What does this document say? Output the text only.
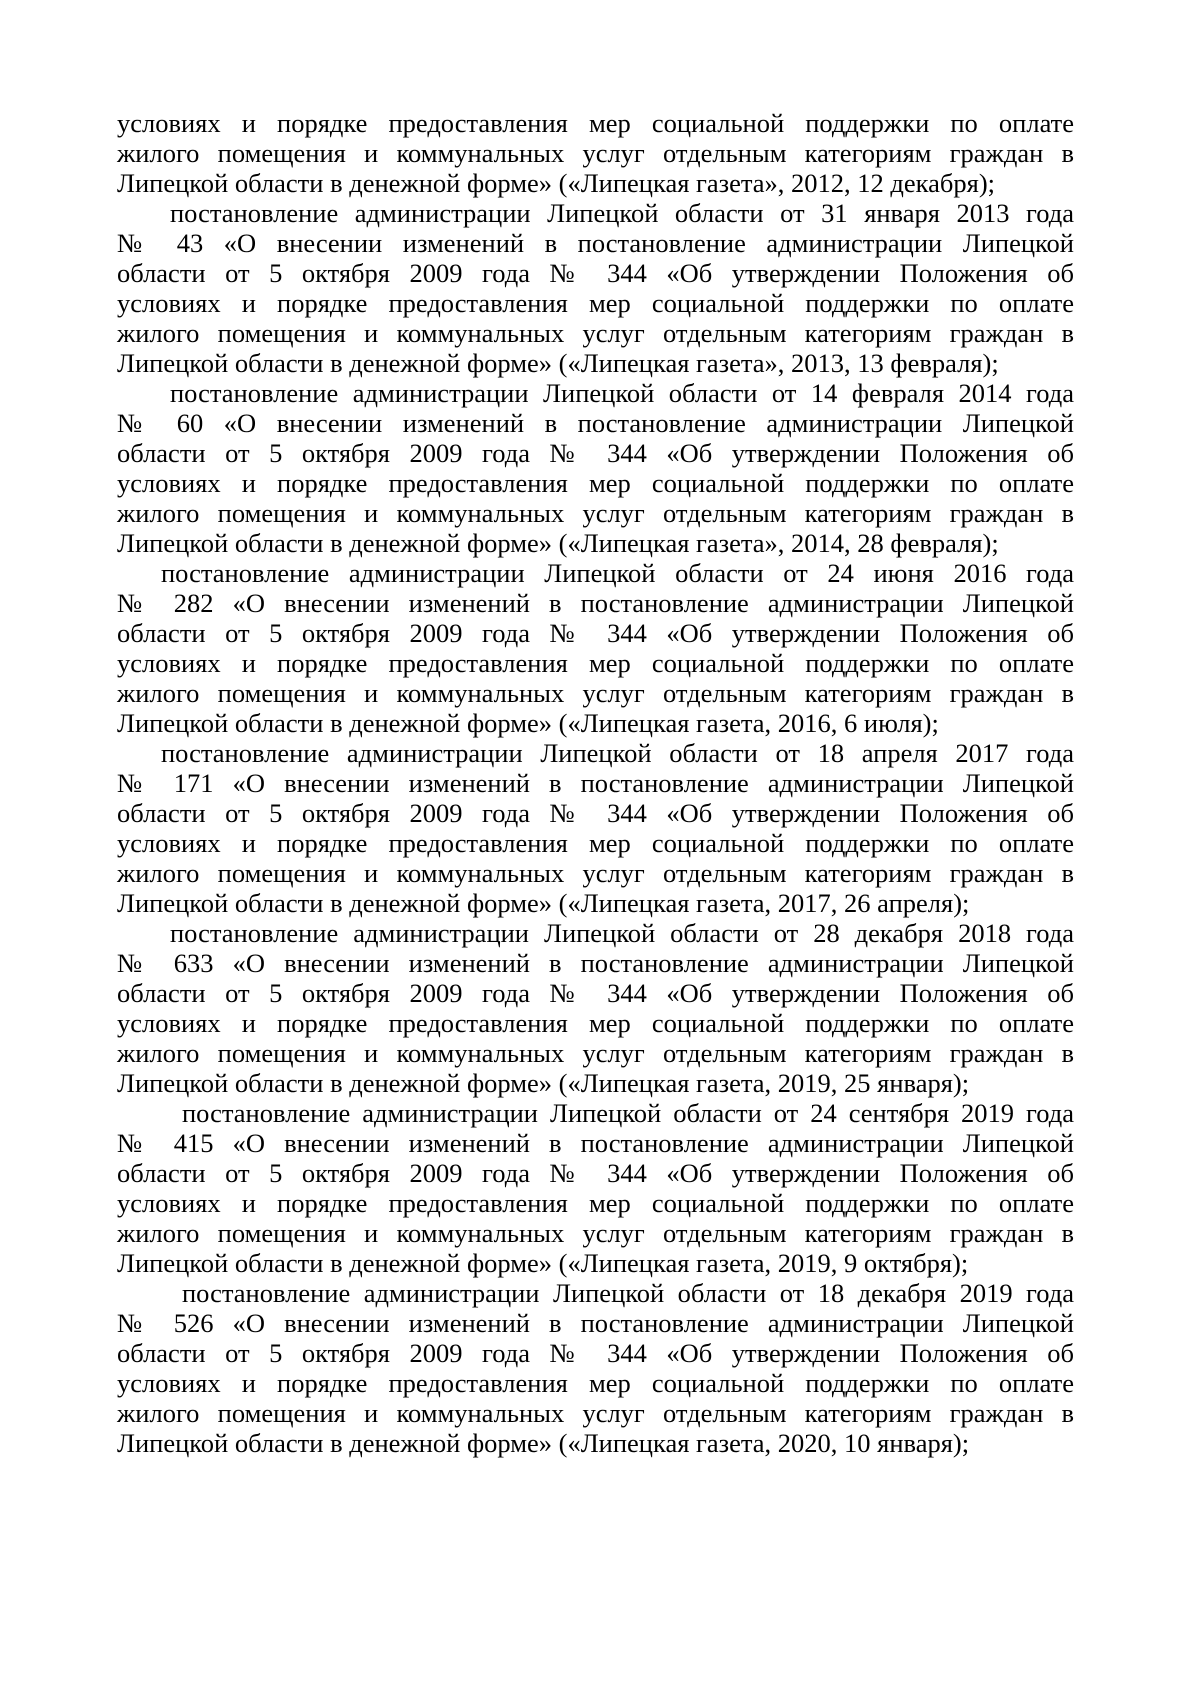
условиях и порядке предоставления мер социальной поддержки по оплате
жилого помещения и коммунальных услуг отдельным категориям граждан в
Липецкой области в денежной форме» («Липецкая газета», 2012, 12 декабря);
постановление администрации Липецкой области от 31 января 2013 года
№ 43 «О внесении изменений в постановление администрации Липецкой
области от 5 октября 2009 года № 344 «Об утверждении Положения об
условиях и порядке предоставления мер социальной поддержки по оплате
жилого помещения и коммунальных услуг отдельным категориям граждан в
Липецкой области в денежной форме» («Липецкая газета», 2013, 13 февраля);
постановление администрации Липецкой области от 14 февраля 2014 года
№ 60 «О внесении изменений в постановление администрации Липецкой
области от 5 октября 2009 года № 344 «Об утверждении Положения об
условиях и порядке предоставления мер социальной поддержки по оплате
жилого помещения и коммунальных услуг отдельным категориям граждан в
Липецкой области в денежной форме» («Липецкая газета», 2014, 28 февраля);
постановление администрации Липецкой области от 24 июня 2016 года
№ 282 «О внесении изменений в постановление администрации Липецкой
области от 5 октября 2009 года № 344 «Об утверждении Положения об
условиях и порядке предоставления мер социальной поддержки по оплате
жилого помещения и коммунальных услуг отдельным категориям граждан в
Липецкой области в денежной форме» («Липецкая газета, 2016, 6 июля);
постановление администрации Липецкой области от 18 апреля 2017 года
№ 171 «О внесении изменений в постановление администрации Липецкой
области от 5 октября 2009 года № 344 «Об утверждении Положения об
условиях и порядке предоставления мер социальной поддержки по оплате
жилого помещения и коммунальных услуг отдельным категориям граждан в
Липецкой области в денежной форме» («Липецкая газета, 2017, 26 апреля);
постановление администрации Липецкой области от 28 декабря 2018 года
№ 633 «О внесении изменений в постановление администрации Липецкой
области от 5 октября 2009 года № 344 «Об утверждении Положения об
условиях и порядке предоставления мер социальной поддержки по оплате
жилого помещения и коммунальных услуг отдельным категориям граждан в
Липецкой области в денежной форме» («Липецкая газета, 2019, 25 января);
постановление администрации Липецкой области от 24 сентября 2019 года
№ 415 «О внесении изменений в постановление администрации Липецкой
области от 5 октября 2009 года № 344 «Об утверждении Положения об
условиях и порядке предоставления мер социальной поддержки по оплате
жилого помещения и коммунальных услуг отдельным категориям граждан в
Липецкой области в денежной форме» («Липецкая газета, 2019, 9 октября);
постановление администрации Липецкой области от 18 декабря 2019 года
№ 526 «О внесении изменений в постановление администрации Липецкой
области от 5 октября 2009 года № 344 «Об утверждении Положения об
условиях и порядке предоставления мер социальной поддержки по оплате
жилого помещения и коммунальных услуг отдельным категориям граждан в
Липецкой области в денежной форме» («Липецкая газета, 2020, 10 января);
